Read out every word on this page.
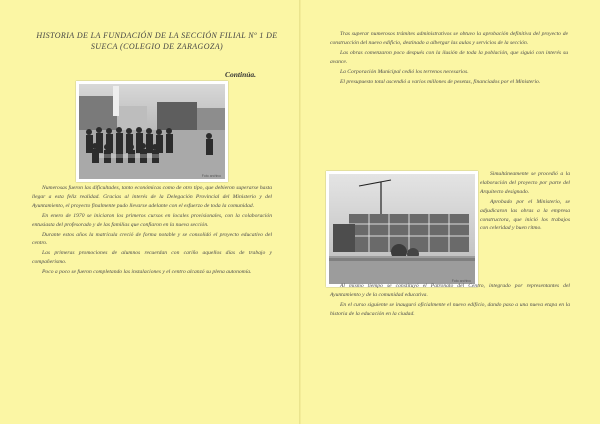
HISTORIA DE LA FUNDACIÓN DE LA SECCIÓN FILIAL Nº 1 DE SUECA (COLEGIO DE ZARAGOZA)
Continúa.
Foto archivo

Numerosas fueron las dificultades, tanto económicas como de otro tipo, que debieron superarse hasta llegar a esta feliz realidad. Gracias al interés de la Delegación Provincial del Ministerio y del Ayuntamiento, el proyecto finalmente pudo llevarse adelante con el esfuerzo de toda la comunidad.

En enero de 1970 se iniciaron los primeros cursos en locales provisionales, con la colaboración entusiasta del profesorado y de las familias que confiaron en la nueva sección.

Durante estos años la matrícula creció de forma notable y se consolidó el proyecto educativo del centro.

Las primeras promociones de alumnos recuerdan con cariño aquellos días de trabajo y compañerismo.

Poco a poco se fueron completando las instalaciones y el centro alcanzó su plena autonomía.

Tras superar numerosos trámites administrativos se obtuvo la aprobación definitiva del proyecto de construcción del nuevo edificio, destinado a albergar las aulas y servicios de la sección.

Las obras comenzaron poco después con la ilusión de toda la población, que siguió con interés su avance.

La Corporación Municipal cedió los terrenos necesarios.

El presupuesto total ascendió a varios millones de pesetas, financiados por el Ministerio.

Foto archivo

Simultáneamente se procedió a la elaboración del proyecto por parte del Arquitecto designado.

Aprobado por el Ministerio, se adjudicaron las obras a la empresa constructora, que inició los trabajos con celeridad y buen ritmo.

Al mismo tiempo se constituyó el Patronato del Centro, integrado por representantes del Ayuntamiento y de la comunidad educativa.

En el curso siguiente se inauguró oficialmente el nuevo edificio, dando paso a una nueva etapa en la historia de la educación en la ciudad.
